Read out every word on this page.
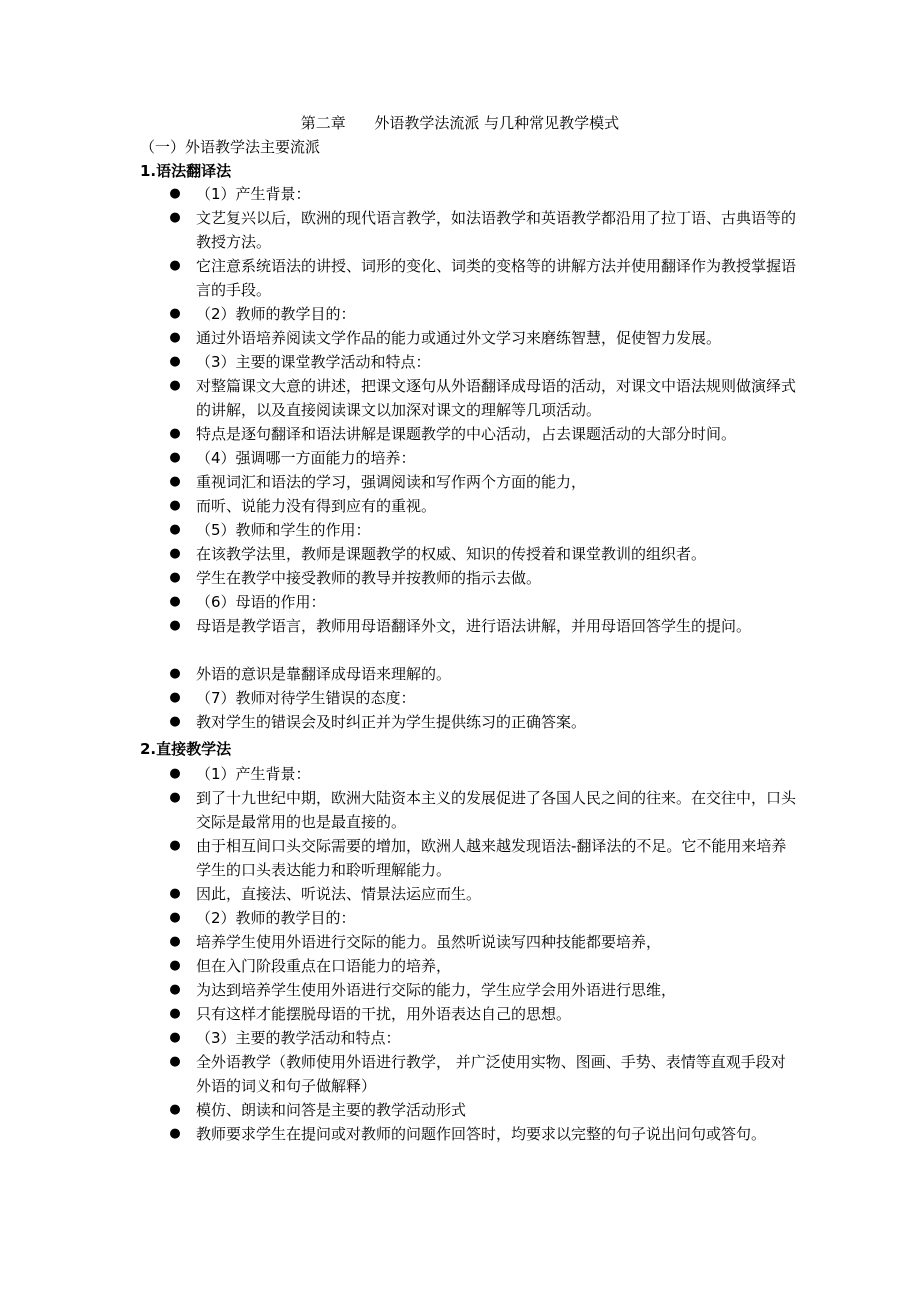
第二章      外语教学法流派 与几种常见教学模式
（一）外语教学法主要流派
1.语法翻译法
● （1）产生背景：
● 文艺复兴以后，欧洲的现代语言教学，如法语教学和英语教学都沿用了拉丁语、古典语等的教授方法。
● 它注意系统语法的讲授、词形的变化、词类的变格等的讲解方法并使用翻译作为教授掌握语言的手段。
● （2）教师的教学目的：
● 通过外语培养阅读文学作品的能力或通过外文学习来磨练智慧，促使智力发展。
● （3）主要的课堂教学活动和特点：
● 对整篇课文大意的讲述，把课文逐句从外语翻译成母语的活动，对课文中语法规则做演绎式的讲解，以及直接阅读课文以加深对课文的理解等几项活动。
● 特点是逐句翻译和语法讲解是课题教学的中心活动，占去课题活动的大部分时间。
● （4）强调哪一方面能力的培养：
● 重视词汇和语法的学习，强调阅读和写作两个方面的能力，
● 而听、说能力没有得到应有的重视。
● （5）教师和学生的作用：
● 在该教学法里，教师是课题教学的权威、知识的传授着和课堂教训的组织者。
● 学生在教学中接受教师的教导并按教师的指示去做。
● （6）母语的作用：
● 母语是教学语言，教师用母语翻译外文，进行语法讲解，并用母语回答学生的提问。
● 外语的意识是靠翻译成母语来理解的。
● （7）教师对待学生错误的态度：
● 教对学生的错误会及时纠正并为学生提供练习的正确答案。
2.直接教学法
● （1）产生背景：
● 到了十九世纪中期，欧洲大陆资本主义的发展促进了各国人民之间的往来。在交往中，口头交际是最常用的也是最直接的。
● 由于相互间口头交际需要的增加，欧洲人越来越发现语法-翻译法的不足。它不能用来培养学生的口头表达能力和聆听理解能力。
● 因此，直接法、听说法、情景法运应而生。
● （2）教师的教学目的：
● 培养学生使用外语进行交际的能力。虽然听说读写四种技能都要培养，
● 但在入门阶段重点在口语能力的培养，
● 为达到培养学生使用外语进行交际的能力，学生应学会用外语进行思维，
● 只有这样才能摆脱母语的干扰，用外语表达自己的思想。
● （3）主要的教学活动和特点：
● 全外语教学（教师使用外语进行教学， 并广泛使用实物、图画、手势、表情等直观手段对外语的词义和句子做解释）
● 模仿、朗读和问答是主要的教学活动形式
● 教师要求学生在提问或对教师的问题作回答时，均要求以完整的句子说出问句或答句。
